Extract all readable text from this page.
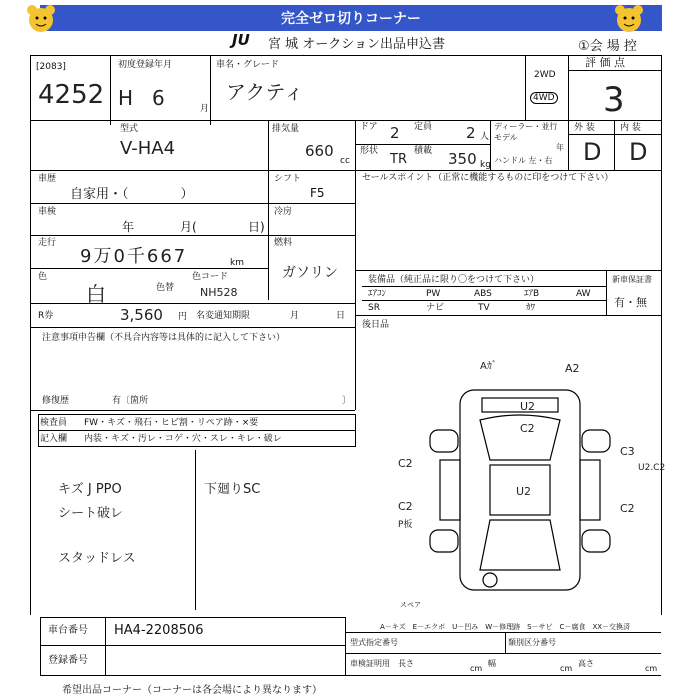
完全ゼロ切りコーナー
JU 宮 城 オークション出品申込書	①会 場 控
[2083]
4252
初度登録年月
H 6	月
車名・グレード
アクティ
2WD
4WD
評 価 点
3
型式
V-HA4
排気量
660
cc
ドア 2 定員 2 人
形状
TR
積載 350 kg
ディーラー・並行
モデル
年
ハンドル 左・右
外 装	内 装
D D
車歴
自家用・（　　　　）
シフト
F5
車検
年	月(	日)
冷房
走行
9万0千667	km
燃料
ガソリン
色
白	色替
色コード
NH528
R券	3,560 円 名変通知期限	月	日
セールスポイント（正常に機能するものに印をつけて下さい）
装備品（純正品に限り〇をつけて下さい）	新車保証書
有・無
ｴｱｺﾝ	PW	ABS	ｴｱB	AW
SR	ナビ	TV	ｶﾜ
後日品
注意事項申告欄（不具合内容等は具体的に記入して下さい）
修復歴	有〔箇所	〕
検査員 FW・キズ・飛石・ヒビ割・リペア跡・×要
記入欄 内装・キズ・汚レ・コゲ・穴・スレ・キレ・破レ
キズ J PPO	下廻りSC
シート破レ
スタッドレス
Aｶﾞ	A2
U2
C2
C2
C3
U2.C2
U2
C2
P板
C2
スペア
A－キズ　E－エクボ　U－凹み　W－修理跡　S－サビ　C－腐食　XX－交換済
車台番号 HA4-2208506
登録番号
型式指定番号	類別区分番号
車検証明用 長さ
cm
幅
cm
高さ
cm
希望出品コーナー（コーナーは各会場により異なります）
